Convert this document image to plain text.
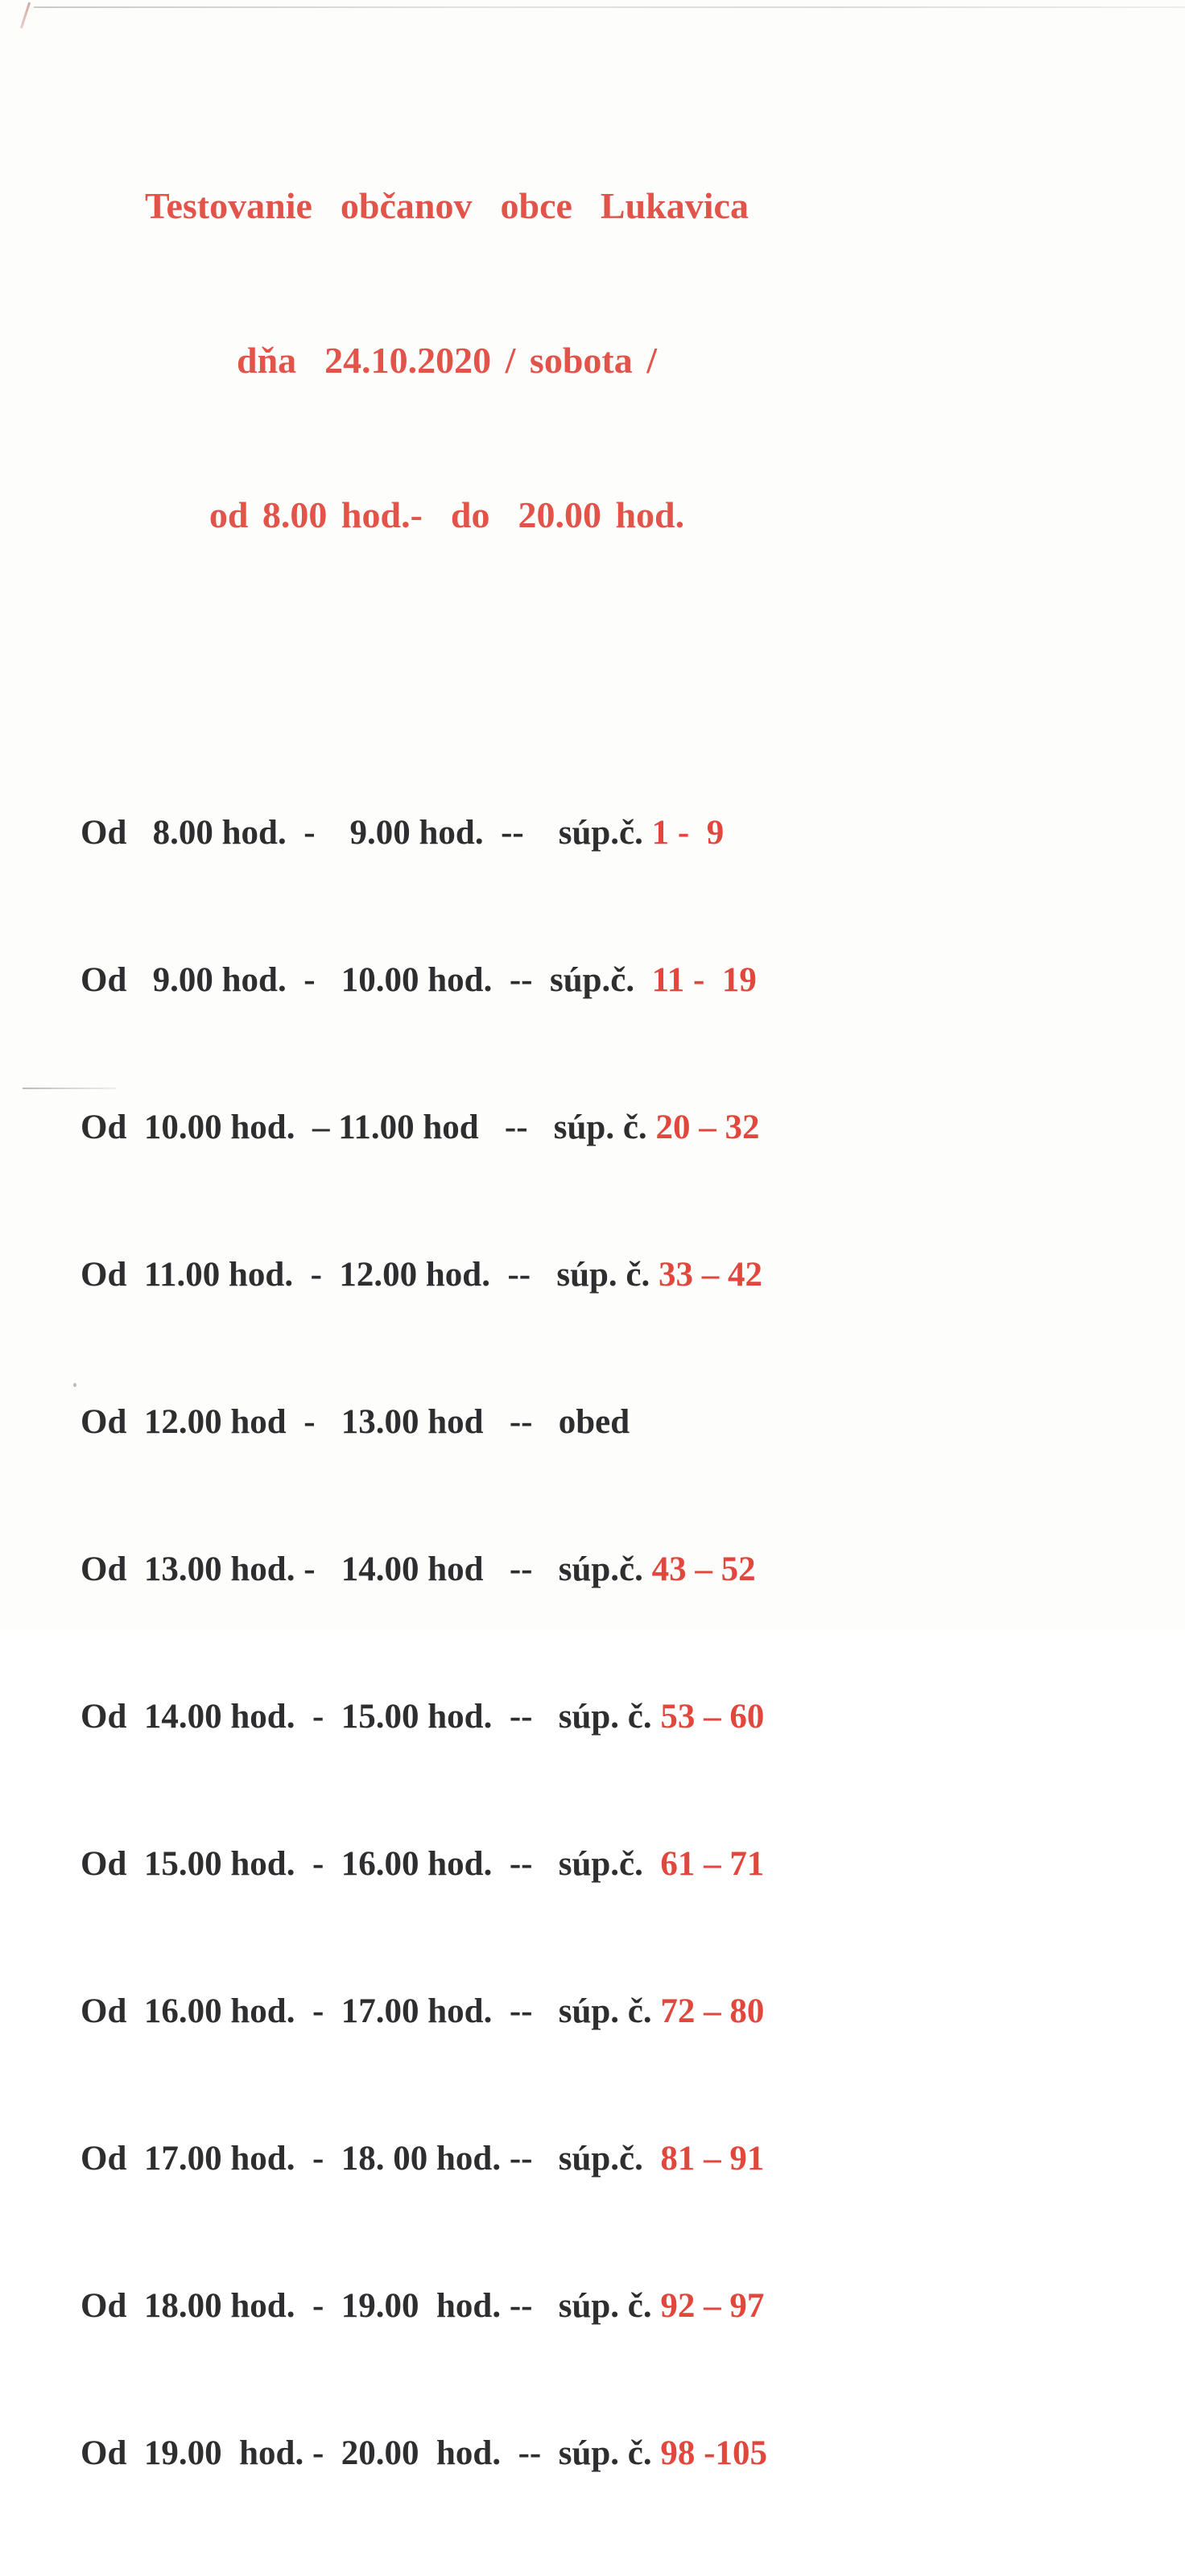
Testovanie  občanov  obce  Lukavica

dňa  24.10.2020 / sobota /

od 8.00 hod.-  do  20.00 hod.

Od   8.00 hod.  -    9.00 hod.  --    súp.č. 1 -  9

Od   9.00 hod.  -   10.00 hod.  --  súp.č.  11 -  19

Od  10.00 hod.  – 11.00 hod   --   súp. č. 20 – 32

Od  11.00 hod.  -  12.00 hod.  --   súp. č. 33 – 42

Od  12.00 hod  -   13.00 hod   --   obed

Od  13.00 hod. -   14.00 hod   --   súp.č. 43 – 52

Od  14.00 hod.  -  15.00 hod.  --   súp. č. 53 – 60

Od  15.00 hod.  -  16.00 hod.  --   súp.č.  61 – 71

Od  16.00 hod.  -  17.00 hod.  --   súp. č. 72 – 80

Od  17.00 hod.  -  18. 00 hod. --   súp.č.  81 – 91

Od  18.00 hod.  -  19.00  hod. --   súp. č. 92 – 97

Od  19.00  hod. -  20.00  hod.  --  súp. č. 98 -105
